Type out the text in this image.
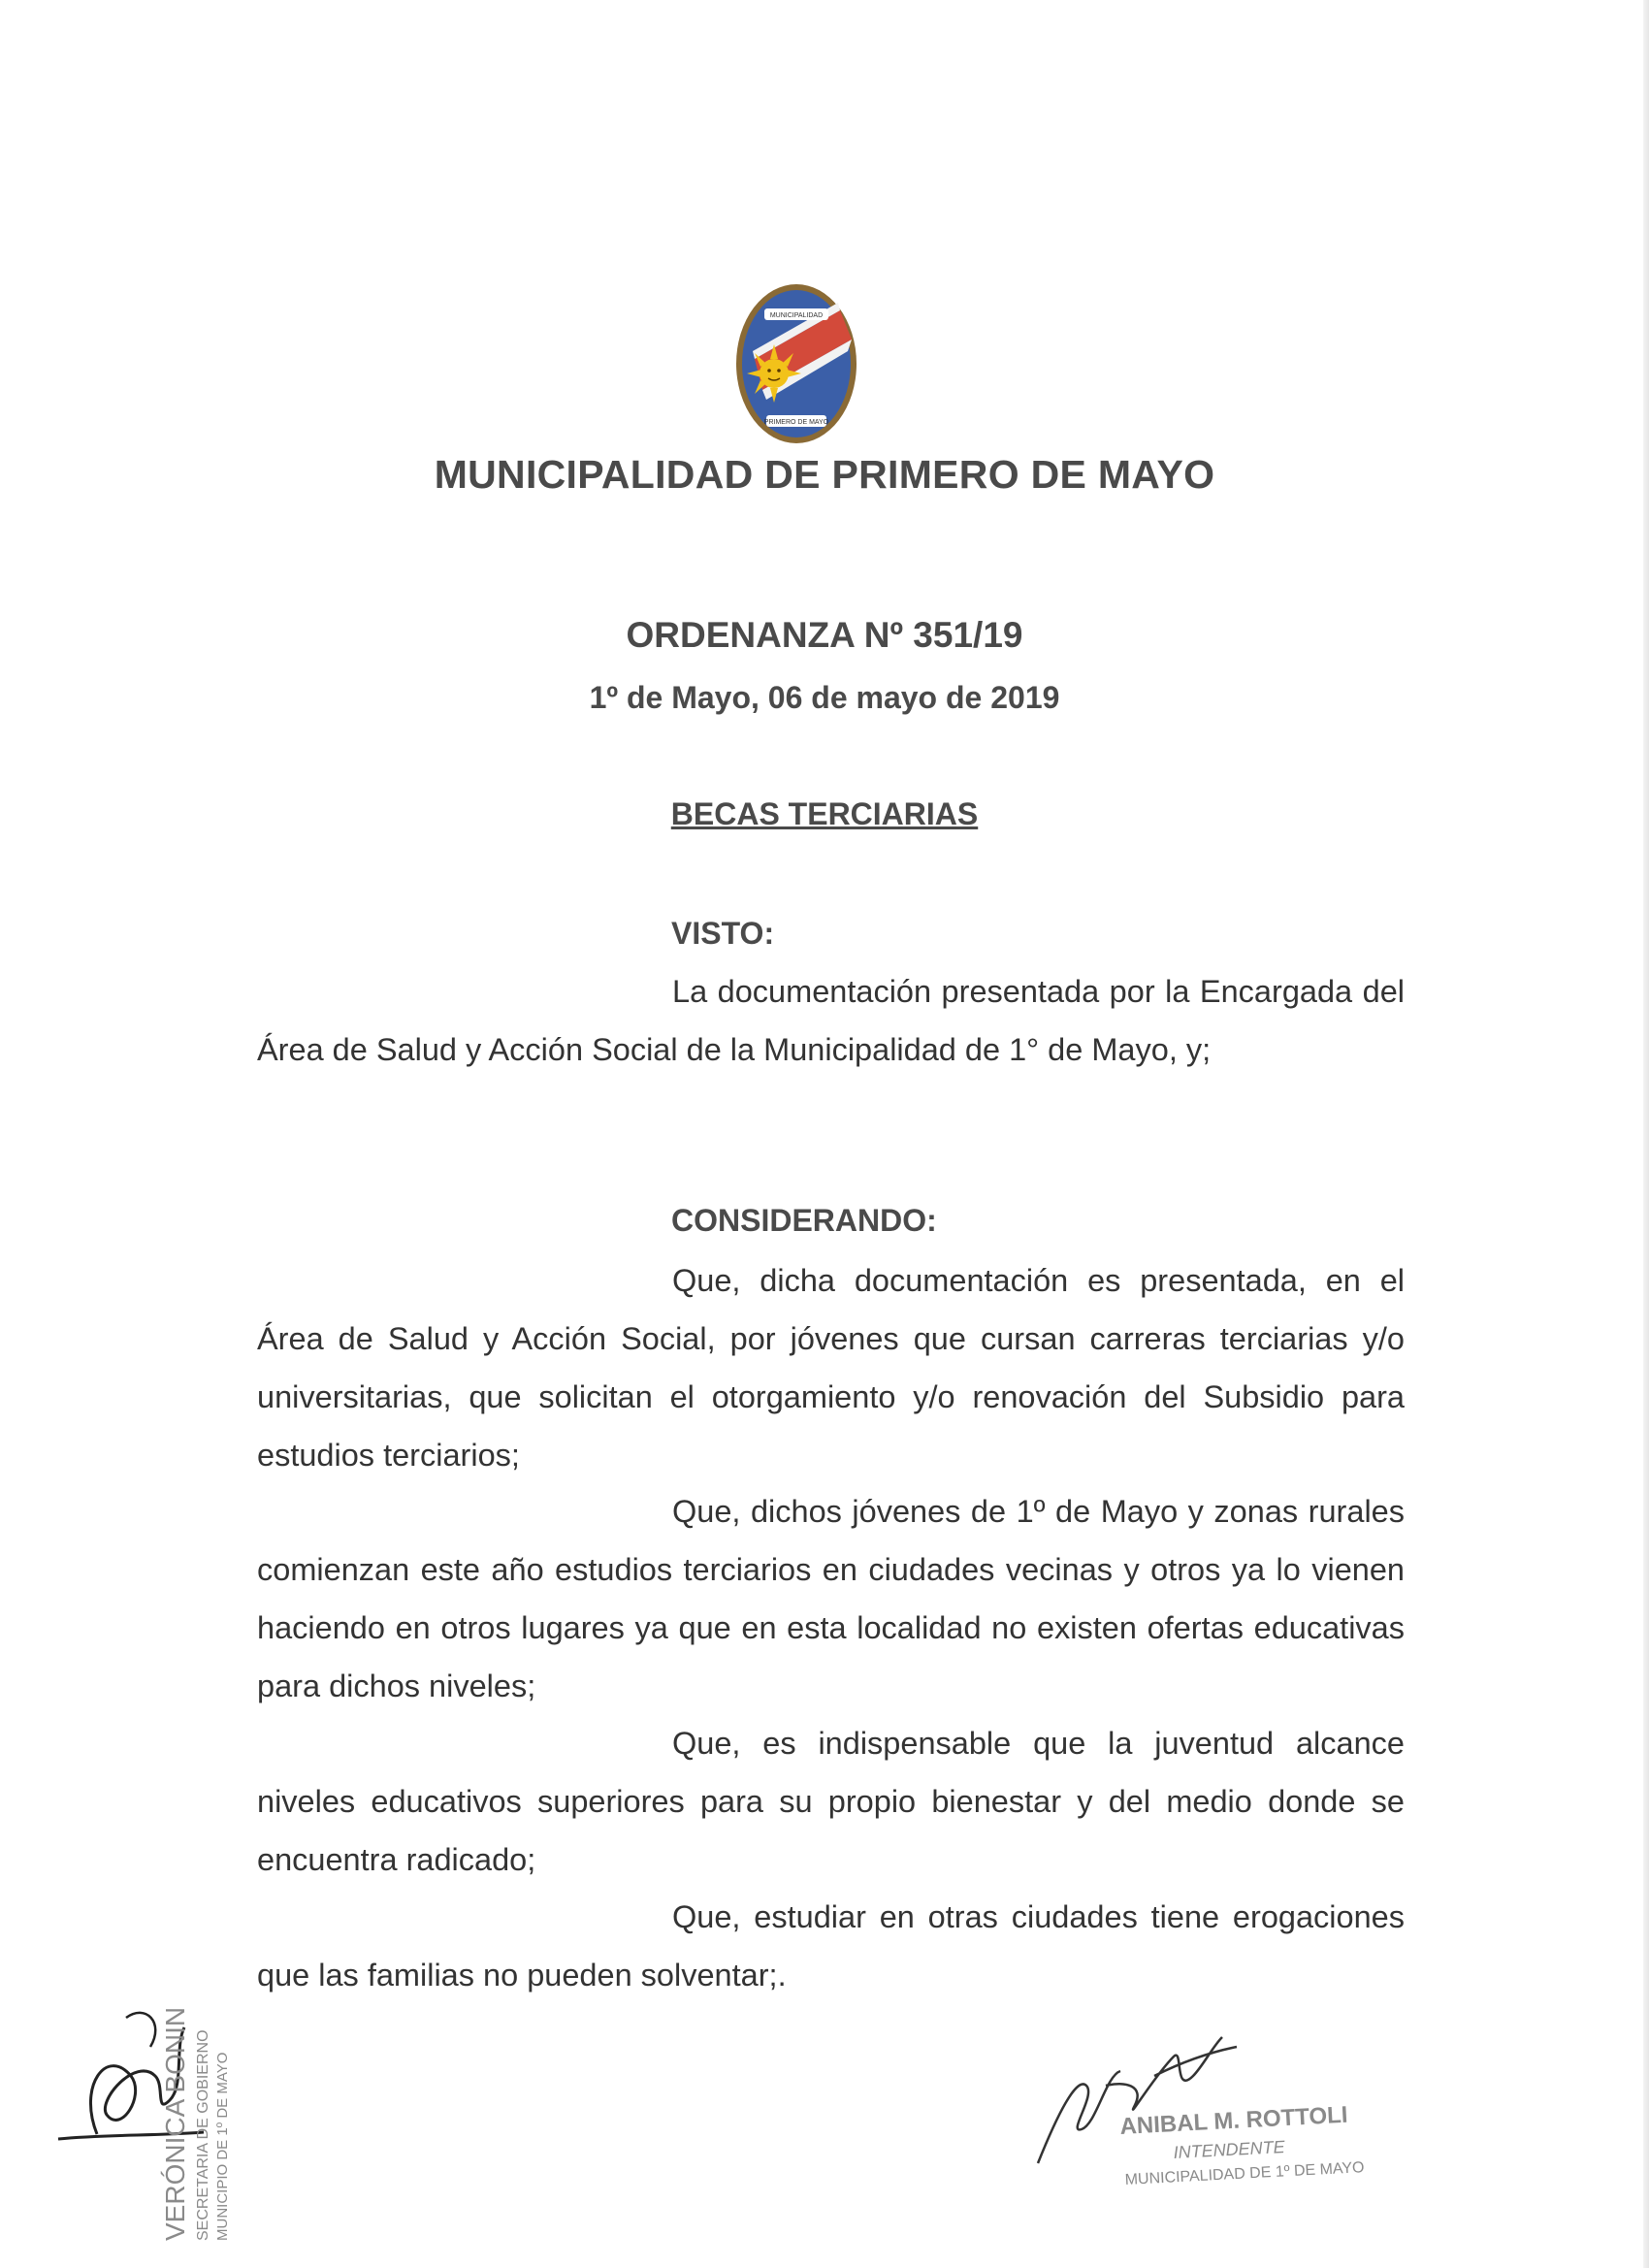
MUNICIPALIDAD
PRIMERO DE MAYO
MUNICIPALIDAD DE PRIMERO DE MAYO
ORDENANZA Nº 351/19
1º de Mayo, 06 de mayo de 2019
BECAS TERCIARIAS
VISTO:
La documentación presentada por la Encargada del Área de Salud y Acción Social de la Municipalidad de 1° de Mayo, y;
CONSIDERANDO:
Que, dicha documentación es presentada, en el Área de Salud y Acción Social, por jóvenes que cursan carreras terciarias y/o universitarias, que solicitan el otorgamiento y/o renovación del Subsidio para estudios terciarios;
Que, dichos jóvenes de 1º de Mayo y zonas rurales comienzan este año estudios terciarios en ciudades vecinas y otros ya lo vienen haciendo en otros lugares ya que en esta localidad no existen ofertas educativas para dichos niveles;
Que, es indispensable que la juventud alcance niveles educativos superiores para su propio bienestar y del medio donde se encuentra radicado;
Que, estudiar en otras ciudades tiene erogaciones que las familias no pueden solventar;.
VERÓNICA BONIN SECRETARIA DE GOBIERNO MUNICIPIO DE 1º DE MAYO	ANIBAL M. ROTTOLI
INTENDENTE
MUNICIPALIDAD DE 1º DE MAYO
